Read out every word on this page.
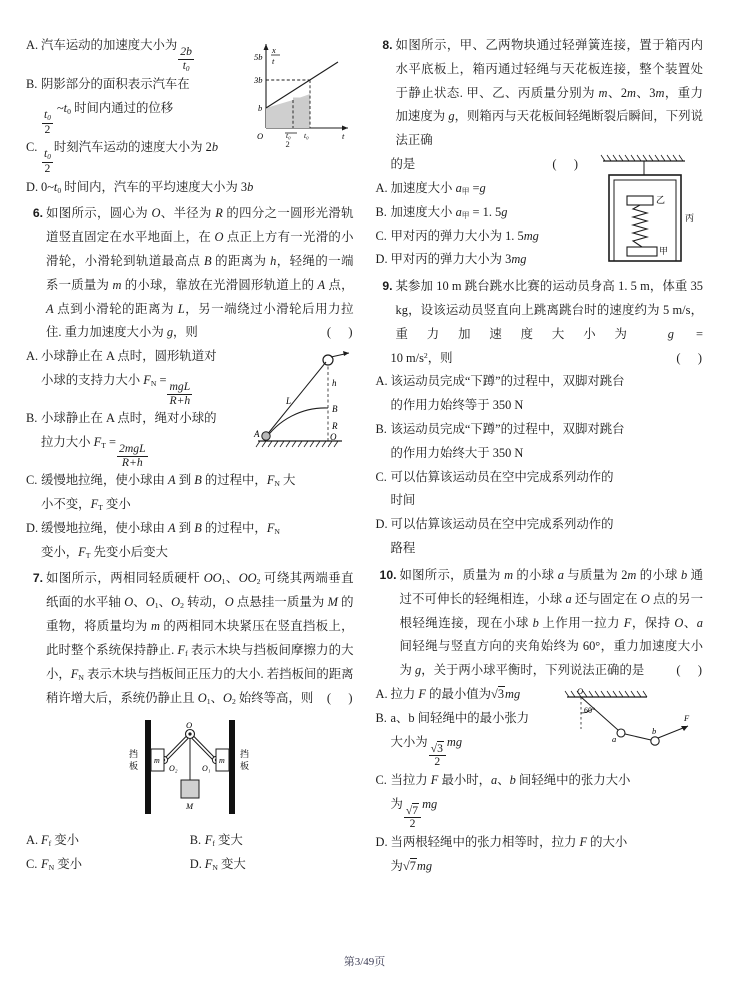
5b
3b
b
x
t
O	t
t₀ t₀
2
A. 汽车运动的加速度大小为
$\frac{2b}{t_0}$
B. 阴影部分的面积表示汽车在
$\frac{t_0}{2}$
$\sim t_0$ 时间内通过的位移
C.
$\frac{t_0}{2}$
时刻汽车运动的速度大小为 2b
D. $0\sim t_0$ 时间内，汽车的平均速度大小为 3b
6. 如图所示，圆心为 O、半径为 R 的四分之一圆形光滑轨道竖直固定在水平地面上，在 O 点正上方有一光滑的小滑轮，小滑轮到轨道最高点 B 的距离为 h，轻绳的一端系一质量为 m 的小球，靠放在光滑圆形轨道上的 A 点，A 点到小滑轮的距离为 L，另一端绕过小滑轮后用力拉住. 重力加速度大小为 g，则	(    )
L
h
B
R
O
A
A. 小球静止在 A 点时，圆形轨道对
小球的支持力大小 $F_N$ =
$\frac{\text{mgL}}{R+h}$
B. 小球静止在 A 点时，绳对小球的
拉力大小 $F_T$ =
$\frac{\text{2mgL}}{R+h}$
C. 缓慢地拉绳，使小球由 A 到 B 的过程中，$F_N$ 大
小不变，$F_T$ 变小
D. 缓慢地拉绳，使小球由 A 到 B 的过程中，$F_N$
变小，$F_T$ 先变小后变大
7. 如图所示，两相同轻质硬杆 $OO_1$、$OO_2$ 可绕其两端垂直纸面的水平轴 O、$O_1$、$O_2$ 转动，O 点悬挂一质量为 M 的重物，将质量均为 m 的两相同木块紧压在竖直挡板上，此时整个系统保持静止. $F_f$ 表示木块与挡板间摩擦力的大小，$F_N$ 表示木块与挡板间正压力的大小. 若挡板间的距离稍许增大后，系统仍静止且 $O_1$、$O_2$ 始终等高，则 (    )
O
O₂	O₁
m	m
M
挡
板
挡
板
A. $F_f$ 变小	B. $F_f$ 变大
C. $F_N$ 变小	D. $F_N$ 变大
8. 如图所示，甲、乙两物块通过轻弹簧连接，置于箱丙内水平底板上，箱丙通过轻绳与天花板连接，整个装置处于静止状态. 甲、乙、丙质量分别为 m、2m、3m，重力加速度为 g，则箱丙与天花板间轻绳断裂后瞬间，下列说法正确
乙
甲
丙
的是	(    )
A. 加速度大小 $a_甲 =g$
B. 加速度大小 $a_甲 = 1$. 5g
C. 甲对丙的弹力大小为 1. 5mg
D. 甲对丙的弹力大小为 3mg
9. 某参加 10 m 跳台跳水比赛的运动员身高 1. 5 m，体重 35 kg，设该运动员竖直向上跳离跳台时的速度约为 5 m/s，重力加速度大小为 g =
10 $m/s^2$，则	(    )
A. 该运动员完成“下蹲”的过程中，双脚对跳台
的作用力始终等于 350 N
B. 该运动员完成“下蹲”的过程中，双脚对跳台
的作用力始终大于 350 N
C. 可以估算该运动员在空中完成系列动作的
时间
D. 可以估算该运动员在空中完成系列动作的
路程
10. 如图所示，质量为 m 的小球 a 与质量为 2m 的小球 b 通过不可伸长的轻绳相连，小球 a 还与固定在 O 点的另一根轻绳连接，现在小球 b 上作用一拉力 F，保持 O、a 间轻绳与竖直方向的夹角始终为 60°，重力加速度大小为 g，关于两小球平衡时，下列说法正确的是	(    )
O
60°
a
b
F
A. 拉力 F 的最小值为√3mg
B. a、b 间轻绳中的最小张力
大小为
$\frac{√3}{2}$
mg
C. 当拉力 F 最小时，a、b 间轻绳中的张力大小
为
$\frac{√7}{2}$
mg
D. 当两根轻绳中的张力相等时，拉力 F 的大小
为√7mg
第3/49页
